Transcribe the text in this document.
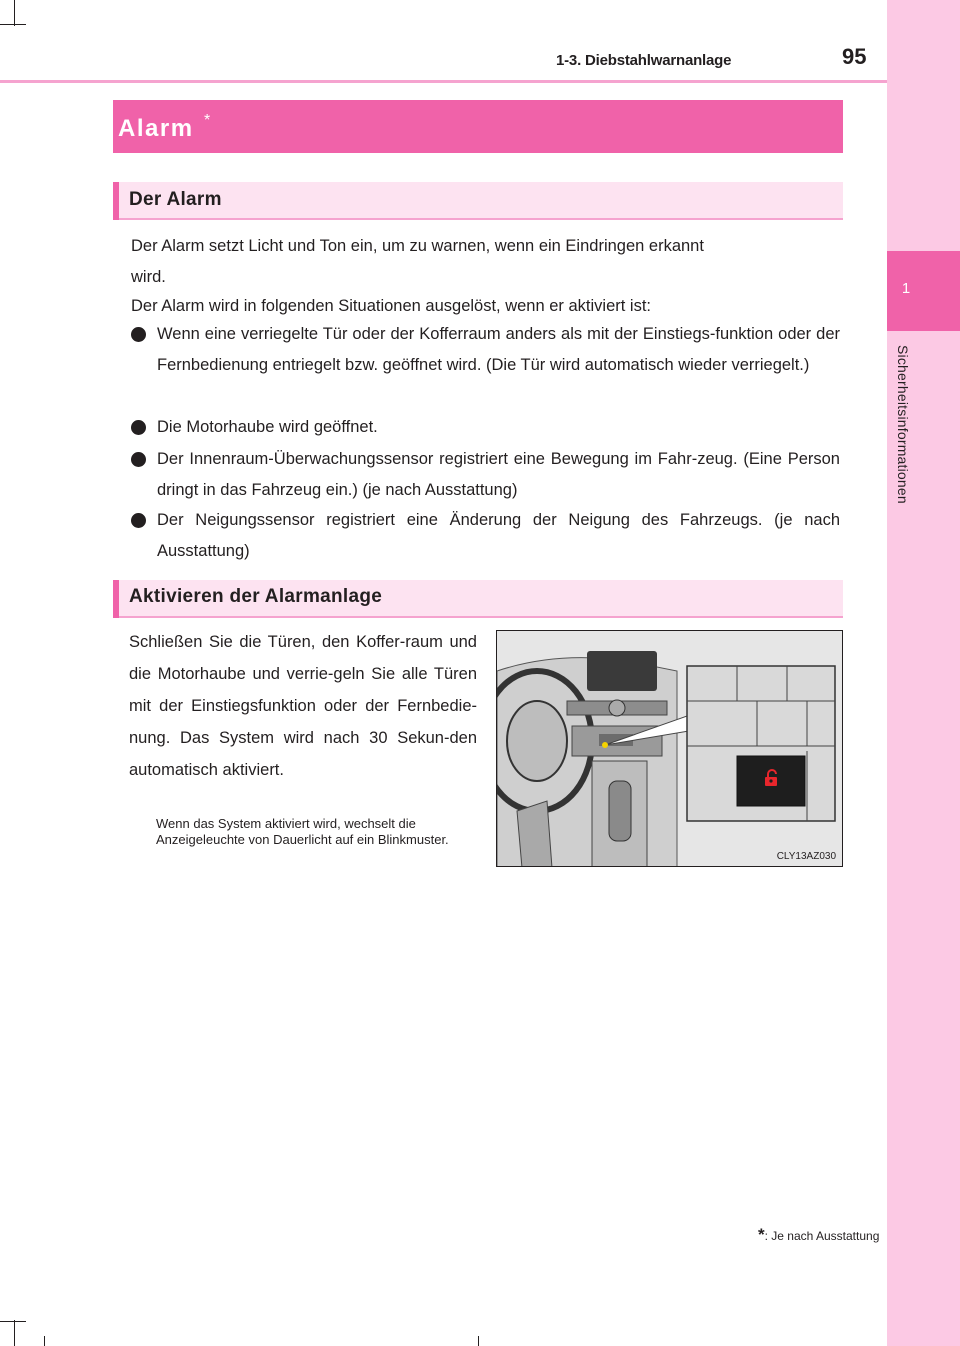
1-3. Diebstahlwarnanlage	95
1
Sicherheitsinformationen
Alarm *
Der Alarm
Der Alarm setzt Licht und Ton ein, um zu warnen, wenn ein Eindringen erkannt
wird.
Der Alarm wird in folgenden Situationen ausgelöst, wenn er aktiviert ist:
Wenn eine verriegelte Tür oder der Kofferraum anders als mit der Einstiegs-funktion oder der Fernbedienung entriegelt bzw. geöffnet wird. (Die Tür wird automatisch wieder verriegelt.)
Die Motorhaube wird geöffnet.
Der Innenraum-Überwachungssensor registriert eine Bewegung im Fahr-zeug. (Eine Person dringt in das Fahrzeug ein.) (je nach Ausstattung)
Der Neigungssensor registriert eine Änderung der Neigung des Fahrzeugs. (je nach Ausstattung)
Aktivieren der Alarmanlage
Schließen Sie die Türen, den Koffer-raum und die Motorhaube und verrie-geln Sie alle Türen mit der Einstiegsfunktion oder der Fernbedie-nung. Das System wird nach 30 Sekun-den automatisch aktiviert.
Wenn das System aktiviert wird, wechselt die Anzeigeleuchte von Dauerlicht auf ein Blinkmuster.
CLY13AZ030
*: Je nach Ausstattung
